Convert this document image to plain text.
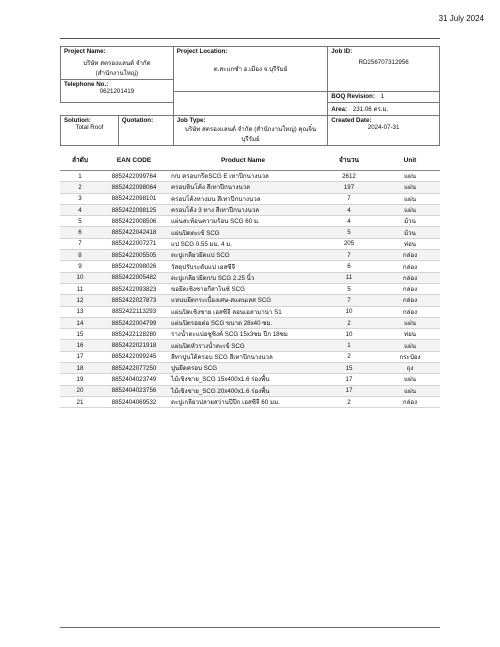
31 July 2024
Project Name:
บริษัท สตรองแลนด์ จำกัด (สำนักงานใหญ่)		Project Location:
ต.สะแกซำ อ.เมือง จ.บุรีรัมย์	Job ID:
RD256707312956

Telephone No.:
0621201419			

			BOQ Revision: 1
			Area: 231.06 ตร.ม.

Solution:
Total Roof	Quotation:	Job Type:
บริษัท สตรองแลนด์ จำกัด (สำนักงานใหญ่) คุณจิ๋น บุรีรัมย์	Created Date:
2024-07-31
ลำดับ	EAN CODE	Product Name	จำนวน	Unit
1	8852422099764	ก/บ ครอบกรีดSCG E เทาปีกนางนวล	2612	แผ่น
2	8852422098064	ครอบหินโค้ง สีเทาปีกนางนวล	197	แผ่น
3	8852422098101	ครอบโค้งหางมน สีเทาปีกนางนวล	7	แผ่น
4	8852422098125	ครอบโค้ง 3 ทาง สีเทาปีกนางนวล	4	แผ่น
5	8852422008506	แผ่นสะท้อนความร้อน SCG 60 ม.	4	ม้วน
6	8852422042418	แผ่นปิดตะเข้ SCG	5	ม้วน
7	8852422007271	แป SCG 0.55 มม. 4 ม.	205	ท่อน
8	8852422005505	ตะปูเกลียวยึดแป SCG	7	กล่อง
9	8852422098026	วัสดุปรับระดับแป เอสซีจี	6	กล่อง
10	8852422005482	ตะปูเกลียวยึดก/บ SCG 2.25 นิ้ว	11	กล่อง
11	8852422093823	ขอยึดเชิงชายกีสาไนซ์ SCG	5	กล่อง
12	8852422027873	แหนบยึดกระเบื้องเศษ-สแตนเลส SCG	7	กล่อง
13	8852422113293	แผ่นปิดเชิงชาย เอสซีจี ลอนเอลามาน่า S1	10	กล่อง
14	8852422004799	แผ่นปิดรอยต่อ SCG ขนาด 28x40 ซม.	2	แผ่น
15	8852422128280	รางน้ำตะแบ่อซูซิงค์ SCG 15x3ซม ปีก 18ซม	10	ท่อน
16	8852422021918	แผ่นปิดหัวรางน้ำตะเข้ SCG	1	แผ่น
17	8852422099245	สีทาปูนใต้ครอบ SCG สีเทาปีกนางนวล	2	กระป๋อง
18	8852422077250	ปูนยึดครอบ SCG	15	ถุง
19	8852404023749	ไม้เชิงชาย_SCG 15x400x1.6 ร่องพื้น	17	แผ่น
20	8852404023756	ไม้เชิงชาย_SCG 20x400x1.6 ร่องพื้น	17	แผ่น
21	8852404069532	ตะปูเกลียวปลายสว่านปีปีก เอสซีจี 60 มม.	2	กล่อง
